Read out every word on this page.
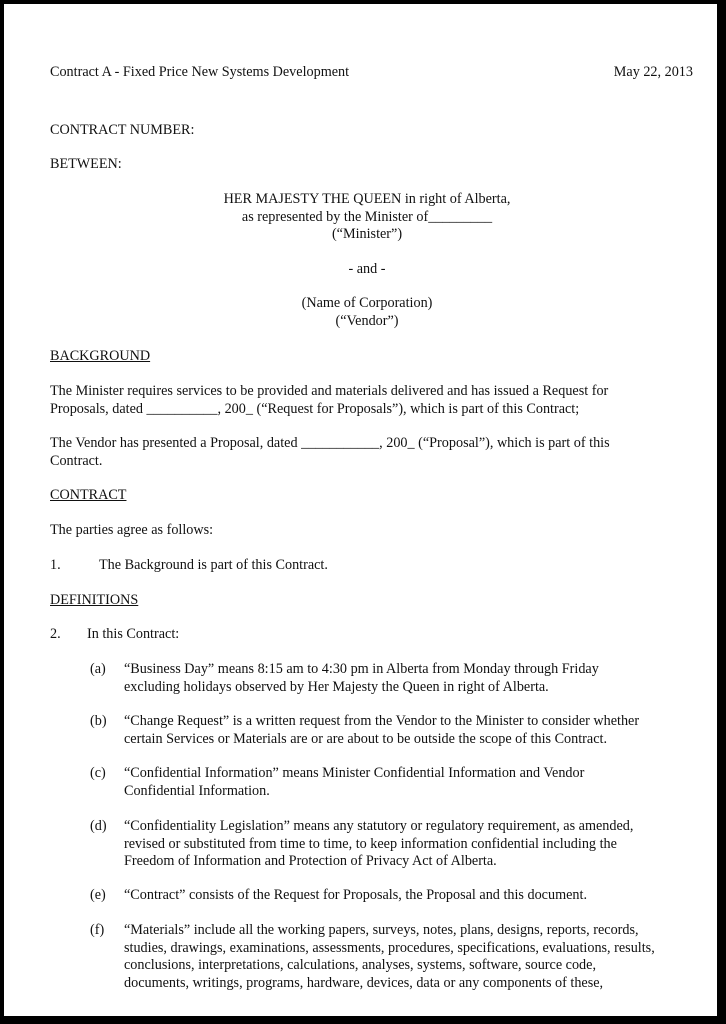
Contract A - Fixed Price New Systems Development	May 22, 2013
CONTRACT NUMBER:
BETWEEN:
HER MAJESTY THE QUEEN in right of Alberta,
as represented by the Minister of_________
(“Minister”)
- and -
(Name of Corporation)
(“Vendor”)
BACKGROUND
The Minister requires services to be provided and materials delivered and has issued a Request for
Proposals, dated __________, 200_ (“Request for Proposals”), which is part of this Contract;
The Vendor has presented a Proposal, dated ___________, 200_ (“Proposal”), which is part of this
Contract.
CONTRACT
The parties agree as follows:
1.	The Background is part of this Contract.
DEFINITIONS
2. In this Contract:
(a) “Business Day” means 8:15 am to 4:30 pm in Alberta from Monday through Friday
excluding holidays observed by Her Majesty the Queen in right of Alberta.
(b) “Change Request” is a written request from the Vendor to the Minister to consider whether
certain Services or Materials are or are about to be outside the scope of this Contract.
(c) “Confidential Information” means Minister Confidential Information and Vendor
Confidential Information.
(d) “Confidentiality Legislation” means any statutory or regulatory requirement, as amended,
revised or substituted from time to time, to keep information confidential including the
Freedom of Information and Protection of Privacy Act of Alberta.
(e) “Contract” consists of the Request for Proposals, the Proposal and this document.
(f) “Materials” include all the working papers, surveys, notes, plans, designs, reports, records,
studies, drawings, examinations, assessments, procedures, specifications, evaluations, results,
conclusions, interpretations, calculations, analyses, systems, software, source code,
documents, writings, programs, hardware, devices, data or any components of these,
